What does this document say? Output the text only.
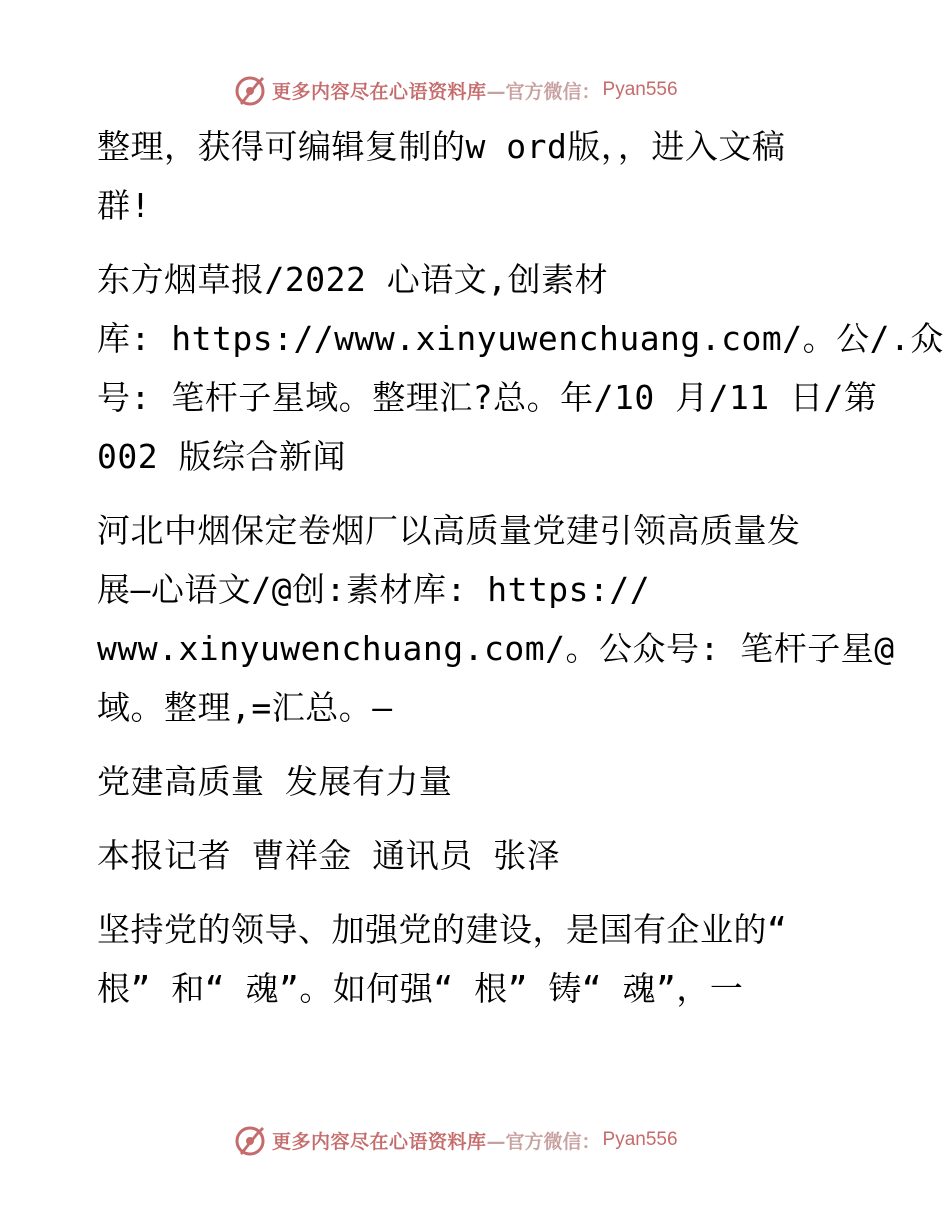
更多内容尽在心语资料库 —官方微信： Pyan556

整理，获得可编辑复制的w ord版，，进入文稿
群!

东方烟草报/2022 心语文,创素材
库: https://www.xinyuwenchuang.com/。公/.众
号: 笔杆子星域。整理汇?总。年/10 月/11 日/第
002 版综合新闻

河北中烟保定卷烟厂以高质量党建引领高质量发
展—心语文/@创:素材库: https://
www.xinyuwenchuang.com/。公众号: 笔杆子星@
域。整理,=汇总。—

党建高质量 发展有力量

本报记者 曹祥金 通讯员 张泽

坚持党的领导、加强党的建设，是国有企业的“
根” 和“ 魂”。如何强“ 根” 铸“ 魂”，一

更多内容尽在心语资料库 —官方微信： Pyan556
